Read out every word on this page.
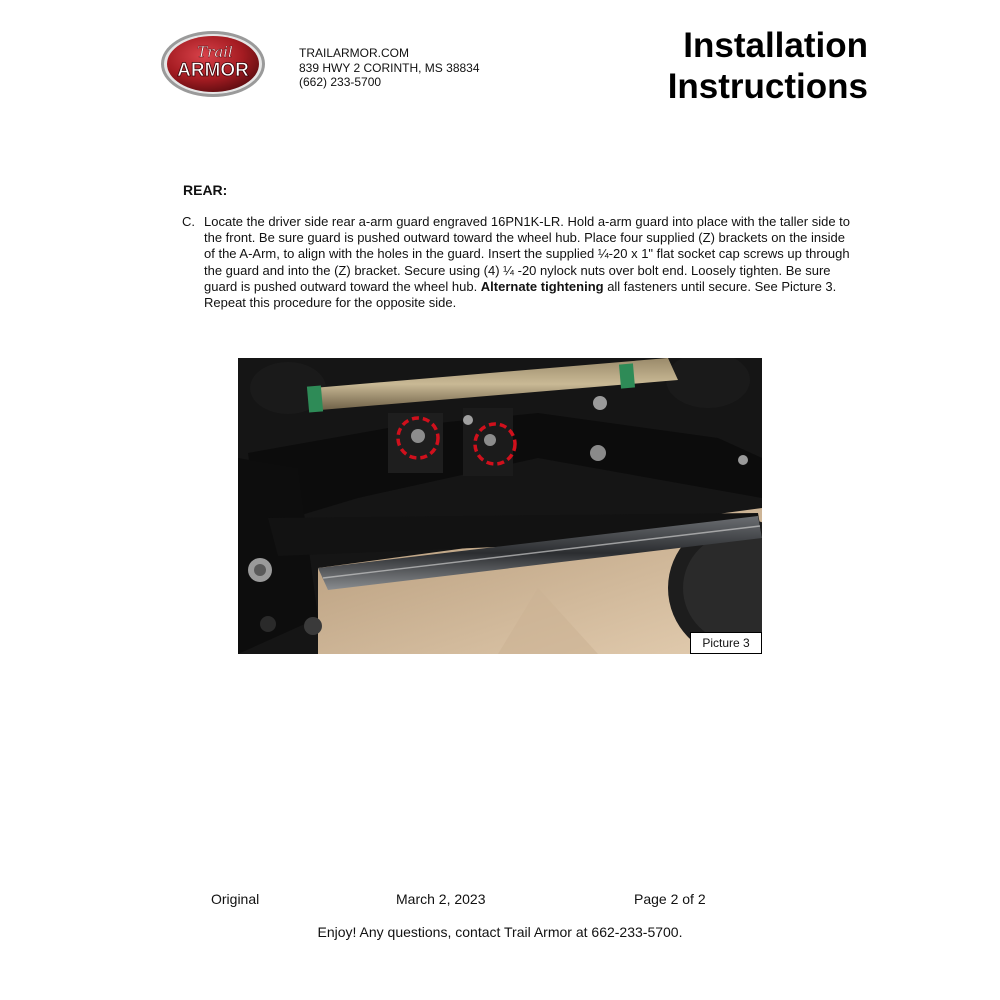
Trail
ARMOR
TRAILARMOR.COM
839 HWY 2 CORINTH, MS 38834
(662) 233-5700
Installation
Instructions
REAR:
C. Locate the driver side rear a-arm guard engraved 16PN1K-LR. Hold a-arm guard into place with the taller side to the front. Be sure guard is pushed outward toward the wheel hub. Place four supplied (Z) brackets on the inside of the A-Arm, to align with the holes in the guard. Insert the supplied ¼-20 x 1" flat socket cap screws up through the guard and into the (Z) bracket. Secure using (4) ¼ -20 nylock nuts over bolt end. Loosely tighten. Be sure guard is pushed outward toward the wheel hub. Alternate tightening all fasteners until secure. See Picture 3. Repeat this procedure for the opposite side.
Picture 3
Original	March 2, 2023	Page 2 of 2
Enjoy! Any questions, contact Trail Armor at 662-233-5700.
